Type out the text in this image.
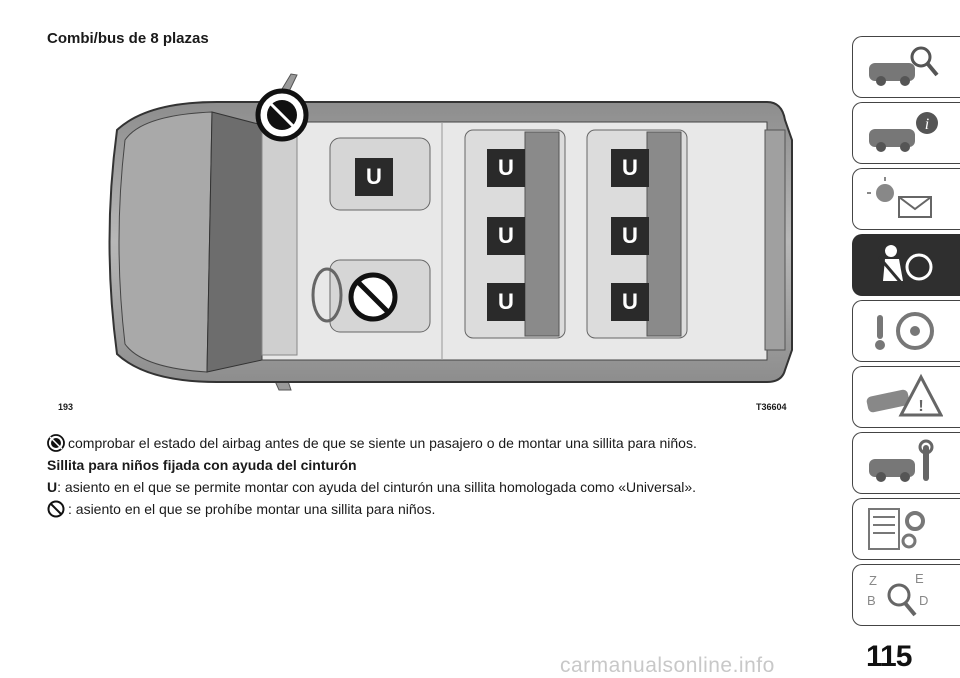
Combi/bus de 8 plazas
U	U
U
U
U
U
U
193	T36604
comprobar el estado del airbag antes de que se siente un pasajero o de montar una sillita para niños.
Sillita para niños fijada con ayuda del cinturón
U : asiento en el que se permite montar con ayuda del cinturón una sillita homologada como «Universal».
: asiento en el que se prohíbe montar una sillita para niños.
i
!
Z	E
B	D
115
carmanualsonline.info
